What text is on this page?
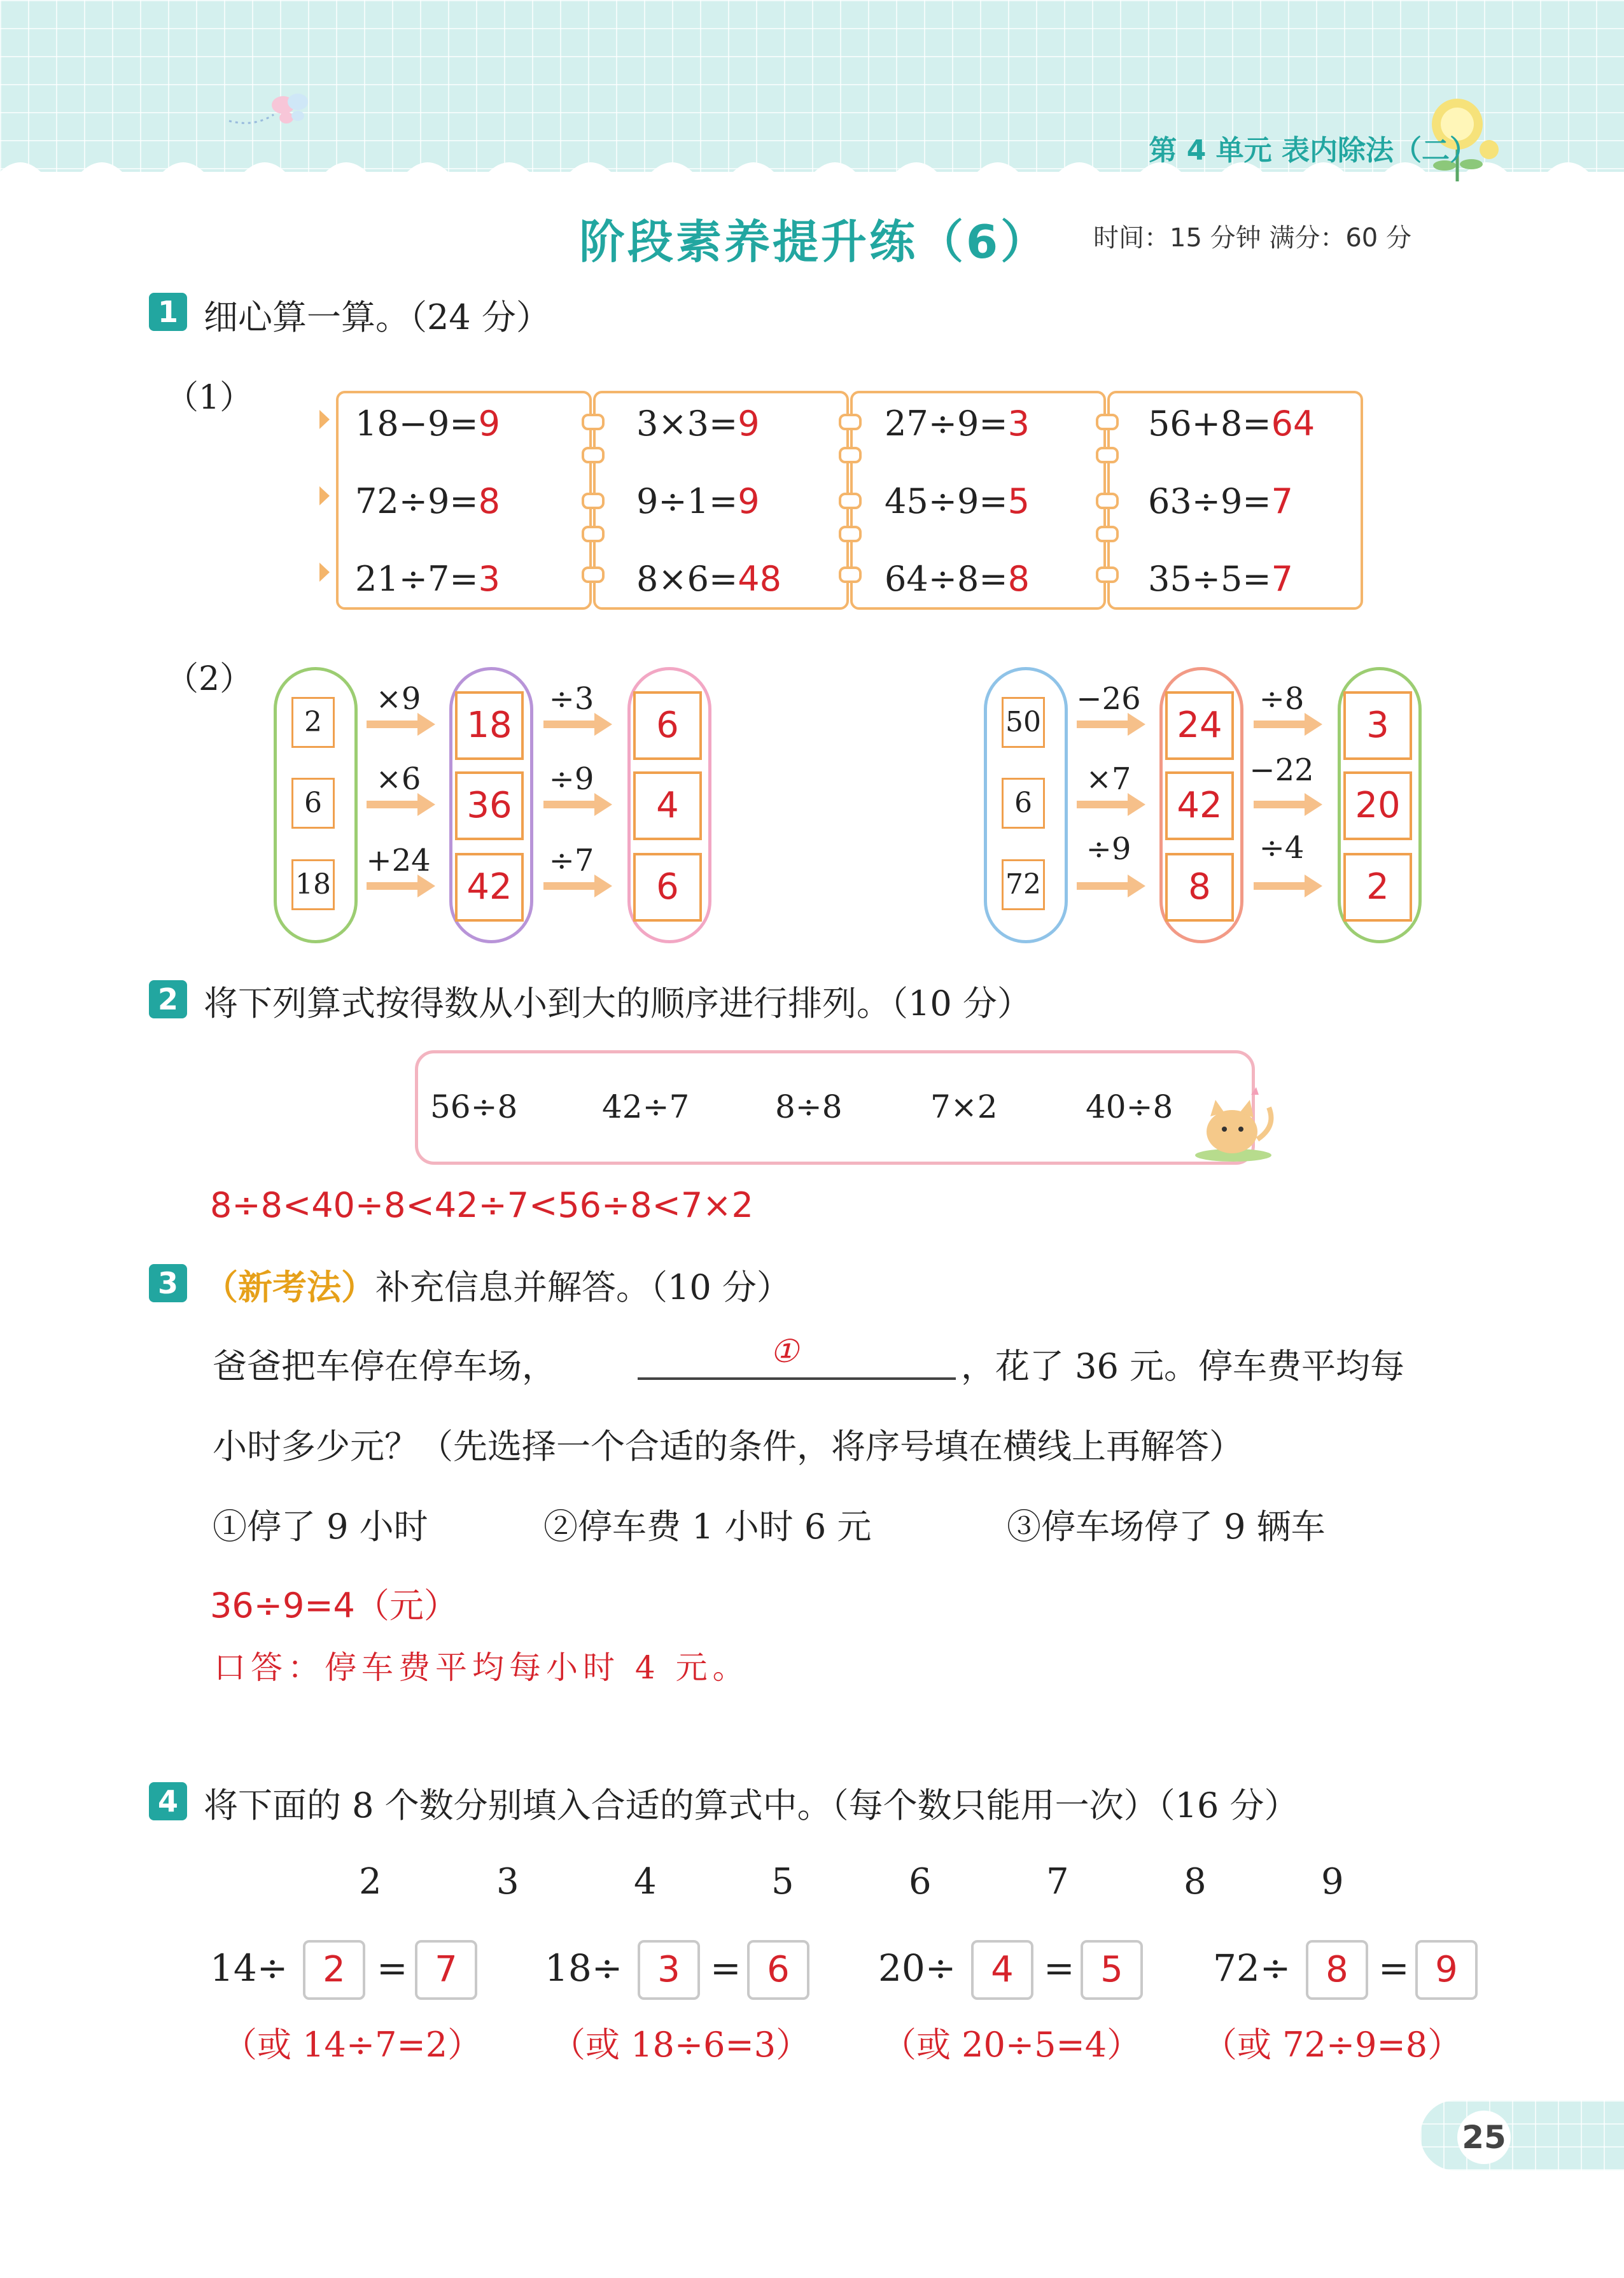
第 4 单元 表内除法（二）
阶段素养提升练（6） 时间：15 分钟 满分：60 分
1 细心算一算。（24 分）
（1）
18−9=9
72÷9=8
21÷7=3
3×3=9
9÷1=9
8×6=48
27÷9=3
45÷9=5
64÷8=8
56+8=64
63÷9=7
35÷5=7
（2）
2
6
18
×9
×6
+24
18
36
42
÷3
÷9
÷7
6
4
6
50
6
72
−26
×7
÷9
24
42
8
÷8
−22
÷4
3
20
2
2 将下列算式按得数从小到大的顺序进行排列。（10 分）
56÷8	42÷7	8÷8	7×2	40÷8
8÷8<40÷8<42÷7<56÷8<7×2
3 （新考法）补充信息并解答。（10 分）
爸爸把车停在停车场，	①	，花了 36 元。停车费平均每
小时多少元？（先选择一个合适的条件，将序号填在横线上再解答）
①停了 9 小时	②停车费 1 小时 6 元	③停车场停了 9 辆车
36÷9=4（元）
口答：停车费平均每小时 4 元。
4 将下面的 8 个数分别填入合适的算式中。（每个数只能用一次）（16 分）
2	3	4	5	6	7	8	9
14÷ 2 = 7
（或 14÷7=2）
18÷ 3 = 6
（或 18÷6=3）
20÷ 4 = 5
（或 20÷5=4）
72÷ 8 = 9
（或 72÷9=8）
25
